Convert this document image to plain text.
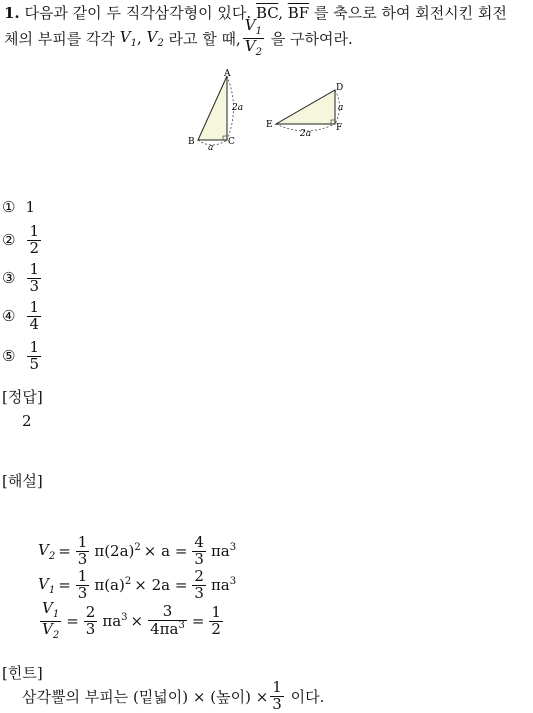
1. 다음과 같이 두 직각삼각형이 있다. $\overline{BC}$, $\overline{BF}$ 를 축으로 하여 회전시킨 회전
체의 부피를 각각
$V_1$ , $V_2$
라고 할 때, $\frac{V_1}{V_2}$
을 구하여라.
A
B	C
2a
a
D
E	F
a
2a
① 1
② $\frac{1}{2}$
③ $\frac{1}{3}$
④ $\frac{1}{4}$
⑤ $\frac{1}{5}$
[정답]
2
[해설]
$V_2 = \frac{1}{3} \pi(2a)^2 \times a = \frac{4}{3} \pi a^3$
$V_1 = \frac{1}{3} \pi(a)^2 \times 2a = \frac{2}{3} \pi a^3$
$\frac{V_1}{V_2} = \frac{2}{3} \pi a^3 \times \frac{3}{4\pi a^3} = \frac{1}{2}$
[힌트]
삼각뿔의 부피는 (밑넓이) × (높이) × $\frac{1}{3}$
이다.
